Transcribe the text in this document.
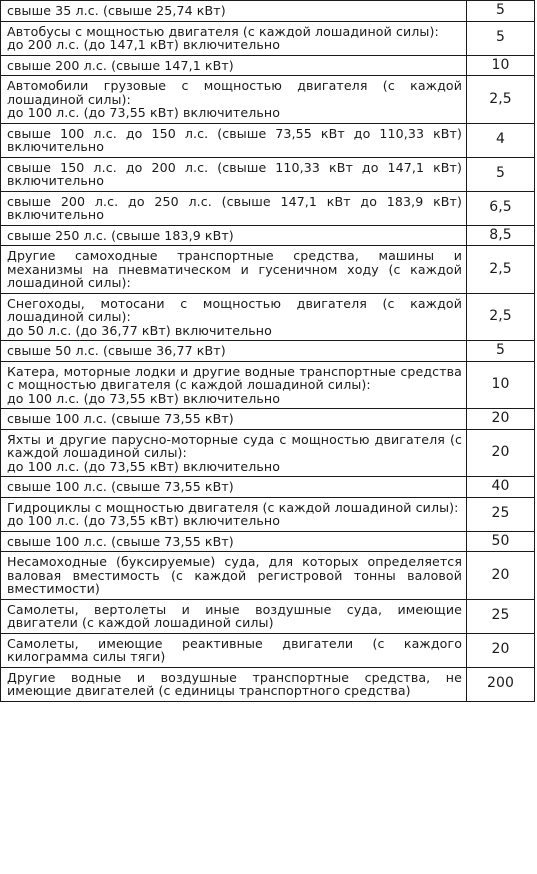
свыше 35 л.с. (свыше 25,74 кВт)	5
Автобусы с мощностью двигателя (с каждой лошадиной силы):
до 200 л.с. (до 147,1 кВт) включительно	5
свыше 200 л.с. (свыше 147,1 кВт)	10
Автомобили грузовые с мощностью двигателя (с каждой лошадиной силы):
до 100 л.с. (до 73,55 кВт) включительно	2,5
свыше 100 л.с. до 150 л.с. (свыше 73,55 кВт до 110,33 кВт) включительно	4
свыше 150 л.с. до 200 л.с. (свыше 110,33 кВт до 147,1 кВт) включительно	5
свыше 200 л.с. до 250 л.с. (свыше 147,1 кВт до 183,9 кВт) включительно	6,5
свыше 250 л.с. (свыше 183,9 кВт)	8,5
Другие самоходные транспортные средства, машины и механизмы на пневматическом и гусеничном ходу (с каждой лошадиной силы):	2,5
Снегоходы, мотосани с мощностью двигателя (с каждой лошадиной силы):
до 50 л.с. (до 36,77 кВт) включительно	2,5
свыше 50 л.с. (свыше 36,77 кВт)	5
Катера, моторные лодки и другие водные транспортные средства с мощностью двигателя (с каждой лошадиной силы):
до 100 л.с. (до 73,55 кВт) включительно	10
свыше 100 л.с. (свыше 73,55 кВт)	20
Яхты и другие парусно-моторные суда с мощностью двигателя (с каждой лошадиной силы):
до 100 л.с. (до 73,55 кВт) включительно	20
свыше 100 л.с. (свыше 73,55 кВт)	40
Гидроциклы с мощностью двигателя (с каждой лошадиной силы):
до 100 л.с. (до 73,55 кВт) включительно	25
свыше 100 л.с. (свыше 73,55 кВт)	50
Несамоходные (буксируемые) суда, для которых определяется валовая вместимость (с каждой регистровой тонны валовой вместимости)	20
Самолеты, вертолеты и иные воздушные суда, имеющие двигатели (с каждой лошадиной силы)	25
Самолеты, имеющие реактивные двигатели (с каждого килограмма силы тяги)	20
Другие водные и воздушные транспортные средства, не имеющие двигателей (с единицы транспортного средства)	200
